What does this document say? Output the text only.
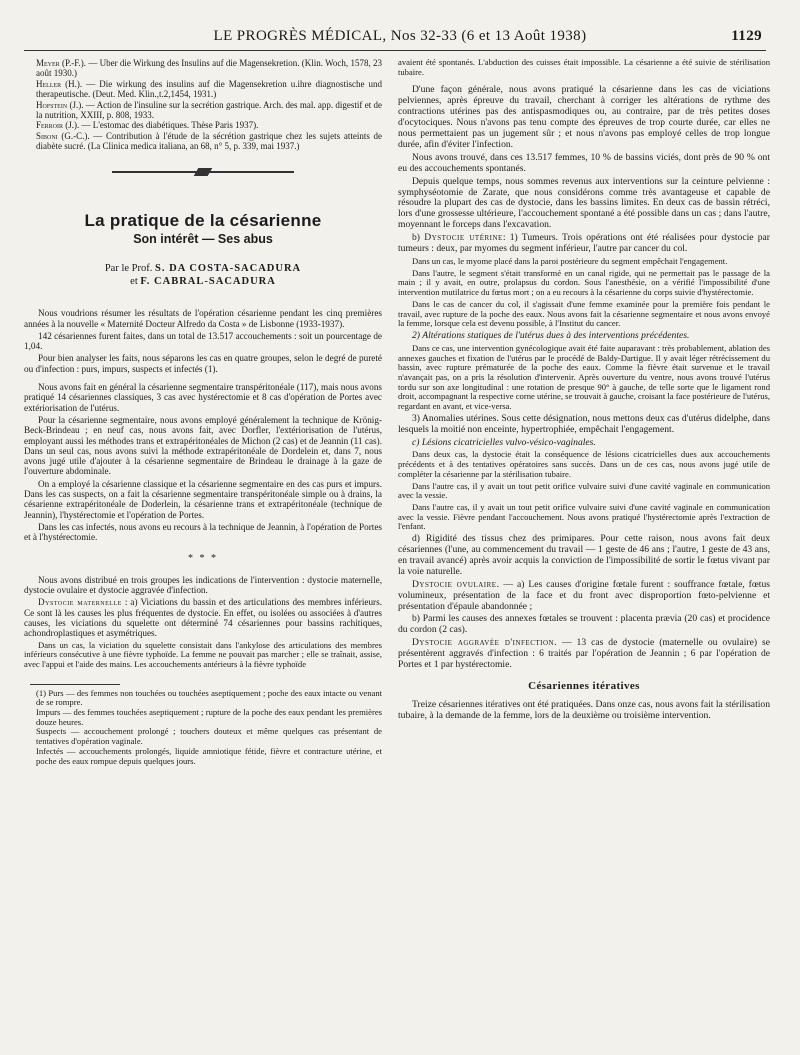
LE PROGRÈS MÉDICAL, Nos 32-33 (6 et 13 Août 1938)	1129

Meyer (P.-F.). — Uber die Wirkung des Insulins auf die Magensekretion. (Klin. Woch, 1578, 23 août 1930.)

Heller (H.). — Die wirkung des insulins auf die Magensekretion u.ihre diagnostische und therapeutische. (Deut. Med. Klin.,t.2,1454, 1931.)

Hofstein (J.). — Action de l'insuline sur la secrétion gastrique. Arch. des mal. app. digestif et de la nutrition, XXIII, p. 808, 1933.

Ferroir (J.). — L'estomac des diabétiques. Thèse Paris 1937).

Siboni (G.-C.). — Contribution à l'étude de la sécrétion gastrique chez les sujets atteints de diabète sucré. (La Clinica medica italiana, an 68, n° 5, p. 339, mai 1937.)

La pratique de la césarienne
Son intérêt — Ses abus
Par le Prof. S. DA COSTA-SACADURA
et F. CABRAL-SACADURA

Nous voudrions résumer les résultats de l'opération césarienne pendant les cinq premières années à la nouvelle « Maternité Docteur Alfredo da Costa » de Lisbonne (1933-1937).

142 césariennes furent faites, dans un total de 13.517 accouchements : soit un pourcentage de 1,04.

Pour bien analyser les faits, nous séparons les cas en quatre groupes, selon le degré de pureté ou d'infection : purs, impurs, suspects et infectés (1).

Nous avons fait en général la césarienne segmentaire transpéritonéale (117), mais nous avons pratiqué 14 césariennes classiques, 3 cas avec hystérectomie et 8 cas d'opération de Portes avec extériorisation de l'utérus.

Pour la césarienne segmentaire, nous avons employé généralement la technique de Krönig-Beck-Brindeau ; en neuf cas, nous avons fait, avec Dorfler, l'extériorisation de l'utérus, employant aussi les méthodes trans et extrapéritonéales de Michon (2 cas) et de Jeannin (11 cas). Dans un seul cas, nous avons suivi la méthode extrapéritonéale de Dordelein et, dans 7, nous avons jugé utile d'ajouter à la césarienne segmentaire de Brindeau le drainage à la gaze de l'ouverture abdominale.

On a employé la césarienne classique et la césarienne segmentaire en des cas purs et impurs. Dans les cas suspects, on a fait la césarienne segmentaire transpéritonéale simple ou à drains, la césarienne extrapéritonéale de Doderlein, la césarienne trans et extrapéritonéale (technique de Jeannin), l'hystérectomie et l'opération de Portes.

Dans les cas infectés, nous avons eu recours à la technique de Jeannin, à l'opération de Portes et à l'hystérectomie.

* * *

Nous avons distribué en trois groupes les indications de l'intervention : dystocie maternelle, dystocie ovulaire et dystocie aggravée d'infection.

Dystocie maternelle : a) Viciations du bassin et des articulations des membres inférieurs. Ce sont là les causes les plus fréquentes de dystocie. En effet, ou isolées ou associées à d'autres causes, les viciations du squelette ont déterminé 74 césariennes pour bassins rachitiques, achondroplastiques et asymétriques.

Dans un cas, la viciation du squelette consistait dans l'ankylose des articulations des membres inférieurs consécutive à une fièvre typhoïde. La femme ne pouvait pas marcher ; elle se traînait, assise, avec l'appui et l'aide des mains. Les accouchements antérieurs à la fièvre typhoïde

(1) Purs — des femmes non touchées ou touchées aseptiquement ; poche des eaux intacte ou venant de se rompre.

Impurs — des femmes touchées aseptiquement ; rupture de la poche des eaux pendant les premières douze heures.

Suspects — accouchement prolongé ; touchers douteux et même quelques cas présentant de tentatives d'opération vaginale.

Infectés — accouchements prolongés, liquide amniotique fétide, fièvre et contracture utérine, et poche des eaux rompue depuis quelques jours.

avaient été spontanés. L'abduction des cuisses était impossible. La césarienne a été suivie de stérilisation tubaire.

D'une façon générale, nous avons pratiqué la césarienne dans les cas de viciations pelviennes, après épreuve du travail, cherchant à corriger les altérations de rythme des contractions utérines pas des antispasmodiques ou, au contraire, par de très petites doses d'ocytociques. Nous n'avons pas tenu compte des épreuves de trop courte durée, car elles ne nous permettaient pas un jugement sûr ; et nous n'avons pas employé celles de trop longue durée, afin d'éviter l'infection.

Nous avons trouvé, dans ces 13.517 femmes, 10 % de bassins viciés, dont près de 90 % ont eu des accouchements spontanés.

Depuis quelque temps, nous sommes revenus aux interventions sur la ceinture pelvienne : symphyséotomie de Zarate, que nous considérons comme très avantageuse et capable de résoudre la plupart des cas de dystocie, dans les bassins limites. En deux cas de bassin rétréci, lors d'une grossesse ultérieure, l'accouchement spontané a été possible dans un cas ; dans l'autre, moyennant le forceps dans l'excavation.

b) Dystocie utérine: 1) Tumeurs. Trois opérations ont été réalisées pour dystocie par tumeurs : deux, par myomes du segment inférieur, l'autre par cancer du col.

Dans un cas, le myome placé dans la paroi postérieure du segment empêchait l'engagement.

Dans l'autre, le segment s'était transformé en un canal rigide, qui ne permettait pas le passage de la main ; il y avait, en outre, prolapsus du cordon. Sous l'anesthésie, on a vérifié l'impossibilité d'une intervention mutilatrice du fœtus mort ; on a eu recours à la césarienne du corps suivie d'hystérectomie.

Dans le cas de cancer du col, il s'agissait d'une femme examinée pour la première fois pendant le travail, avec rupture de la poche des eaux. Nous avons fait la césarienne segmentaire et nous avons envoyé la femme, lorsque cela est devenu possible, à l'Institut du cancer.

2) Altérations statiques de l'utérus dues à des interventions précédentes.

Dans ce cas, une intervention gynécologique avait été faite auparavant : très probablement, ablation des annexes gauches et fixation de l'utérus par le procédé de Baldy-Dartigue. Il y avait léger rétrécissement du bassin, avec rupture prématurée de la poche des eaux. Comme la fièvre était survenue et le travail n'avançait pas, on a pris la résolution d'intervenir. Après ouverture du ventre, nous avons trouvé l'utérus tordu sur son axe longitudinal : une rotation de presque 90° à gauche, de telle sorte que le ligament rond droit, accompagnant la respective corne utérine, se trouvait à gauche, croisant la face postérieure de l'utérus, regardant en avant, et vice-versa.

3) Anomalies utérines. Sous cette désignation, nous mettons deux cas d'utérus didelphe, dans lesquels la moitié non enceinte, hypertrophiée, empêchait l'engagement.

c) Lésions cicatricielles vulvo-vésico-vaginales.

Dans deux cas, la dystocie était la conséquence de lésions cicatricielles dues aux accouchements précédents et à des tentatives opératoires sans succès. Dans un de ces cas, nous avons jugé utile de compléter la césarienne par la stérilisation tubaire.

Dans l'autre cas, il y avait un tout petit orifice vulvaire suivi d'une cavité vaginale en communication avec la vessie.

Dans l'autre cas, il y avait un tout petit orifice vulvaire suivi d'une cavité vaginale en communication avec la vessie. Fièvre pendant l'accouchement. Nous avons pratiqué l'hystérectomie après l'extraction de l'enfant.

d) Rigidité des tissus chez des primipares. Pour cette raison, nous avons fait deux césariennes (l'une, au commencement du travail — 1 geste de 46 ans ; l'autre, 1 geste de 43 ans, en travail avancé) après avoir acquis la conviction de l'impossibilité de sortir le fœtus vivant par la voie naturelle.

Dystocie ovulaire. — a) Les causes d'origine fœtale furent : souffrance fœtale, fœtus volumineux, présentation de la face et du front avec disproportion fœto-pelvienne et présentation d'épaule abandonnée ;

b) Parmi les causes des annexes fœtales se trouvent : placenta prævia (20 cas) et procidence du cordon (2 cas).

Dystocie aggravée d'infection. — 13 cas de dystocie (maternelle ou ovulaire) se présentèrent aggravés d'infection : 6 traités par l'opération de Jeannin ; 6 par l'opération de Portes et 1 par hystérectomie.

Césariennes itératives

Treize césariennes itératives ont été pratiquées. Dans onze cas, nous avons fait la stérilisation tubaire, à la demande de la femme, lors de la deuxième ou troisième intervention.
